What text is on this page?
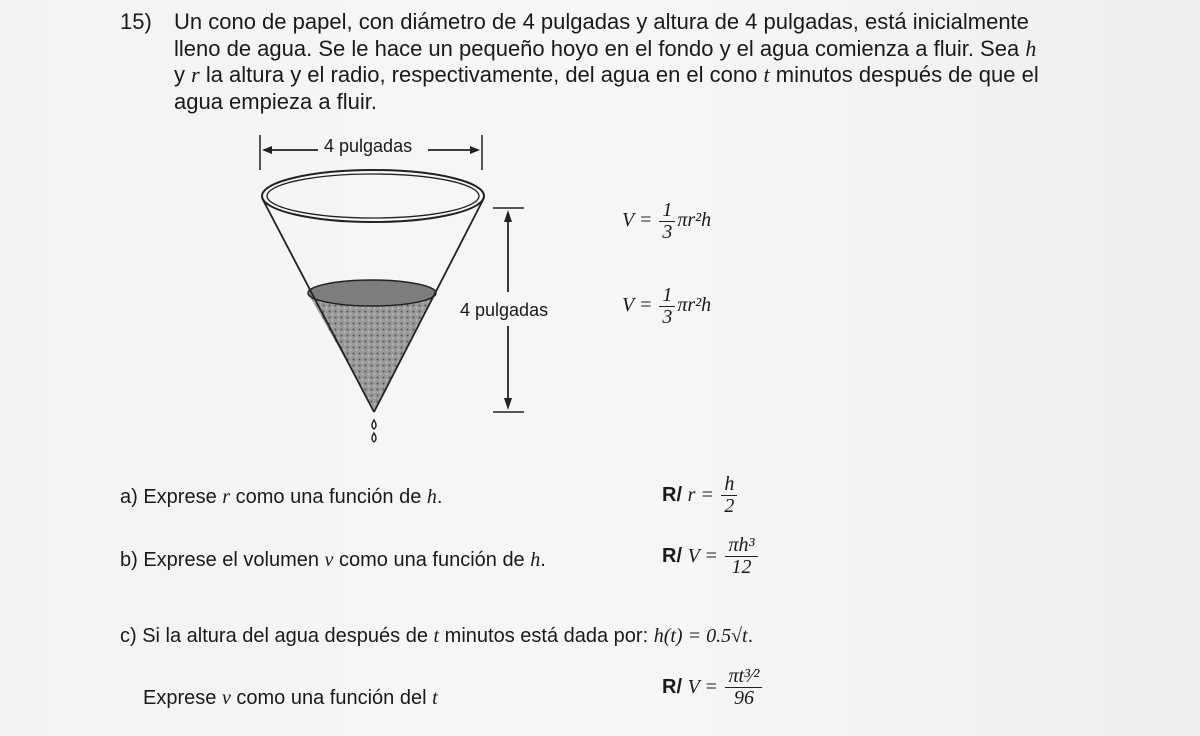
15) Un cono de papel, con diámetro de 4 pulgadas y altura de 4 pulgadas, está inicialmente
lleno de agua. Se le hace un pequeño hoyo en el fondo y el agua comienza a fluir. Sea h
y r la altura y el radio, respectivamente, del agua en el cono t minutos después de que el
agua empieza a fluir.
4 pulgadas
4 pulgadas
$V = \frac{1}{3} \pi r^2h$
$V = \frac{1}{3} \pi r^2h$
a) Exprese r como una función de h.	R/ $r = \frac{h}{2}$
b) Exprese el volumen v como una función de h.	R/ $V = \frac{\text{πh³}}{12}$
c) Si la altura del agua después de t minutos está dada por: h(t) = 0.5√t.
Exprese v como una función del t
R/ $V = \frac{\text{πt³⁄²}}{96}$
